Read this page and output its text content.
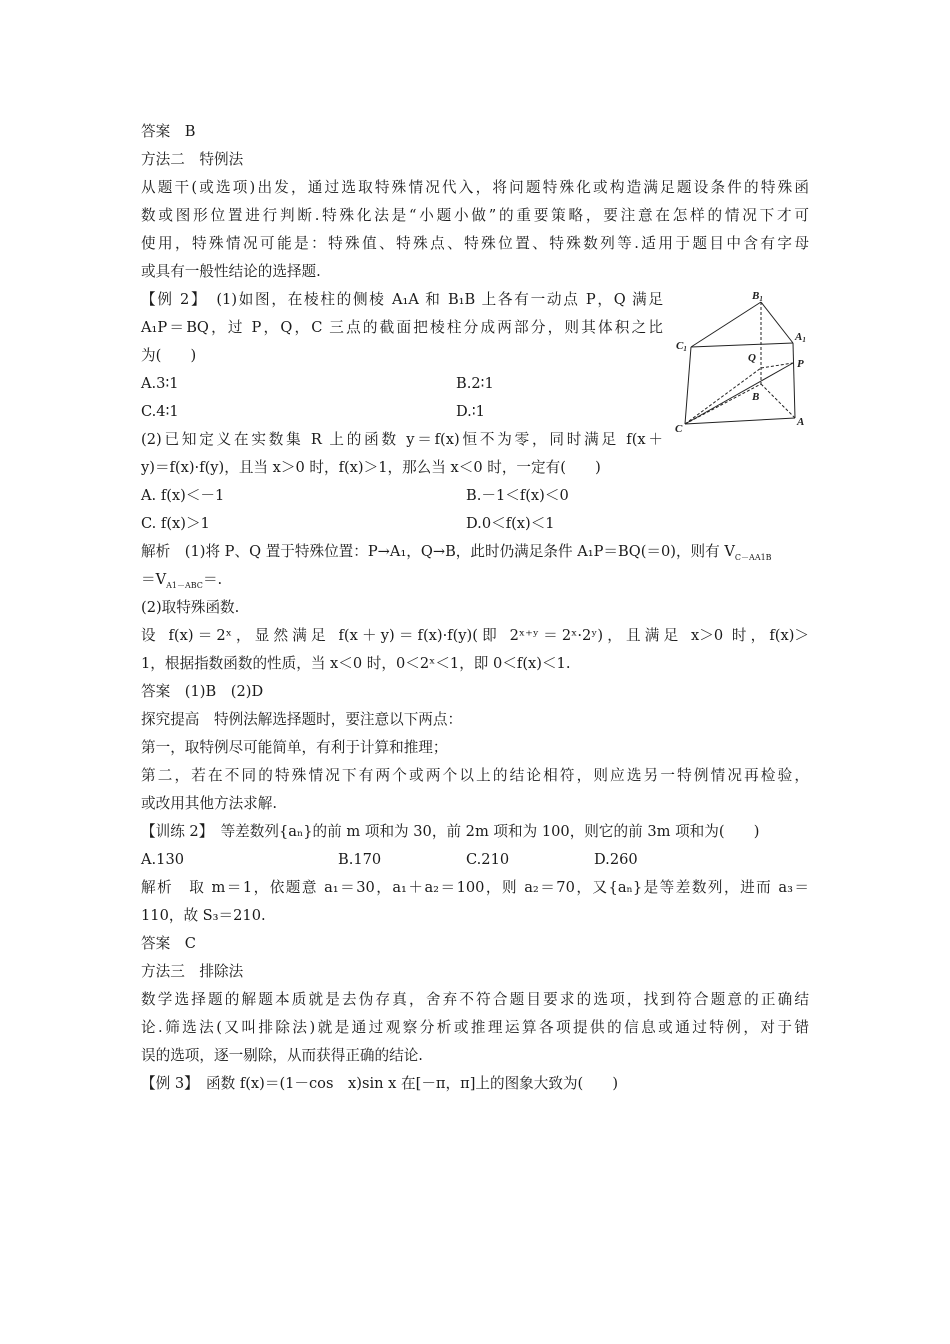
答案　B
方法二　特例法
从题干(或选项)出发，通过选取特殊情况代入，将问题特殊化或构造满足题设条件的特殊函
数或图形位置进行判断.特殊化法是“小题小做”的重要策略，要注意在怎样的情况下才可
使用，特殊情况可能是：特殊值、特殊点、特殊位置、特殊数列等.适用于题目中含有字母
或具有一般性结论的选择题.
【例 2】　(1)如图，在棱柱的侧棱 A₁A 和 B₁B 上各有一动点 P，Q 满足
A₁P＝BQ，过 P，Q，C 三点的截面把棱柱分成两部分，则其体积之比
为(　　)
A.3∶1	B.2∶1
C.4∶1	D.∶1
(2)已知定义在实数集 R 上的函数 y＝f(x)恒不为零，同时满足 f(x＋
y)＝f(x)·f(y)，且当 x＞0 时，f(x)＞1，那么当 x＜0 时，一定有(　　)
A. f(x)＜－1	B.－1＜f(x)＜0
C. f(x)＞1	D.0＜f(x)＜1
解析　(1)将 P、Q 置于特殊位置：P→A₁，Q→B，此时仍满足条件 A₁P＝BQ(＝0)，则有 $V_{C-AA1B}$
$=V_{A1-ABC}=$.
(2)取特殊函数.
设 f(x)＝2ˣ，显然满足 f(x＋y)＝f(x)·f(y)(即 2ˣ⁺ʸ＝2ˣ·2ʸ)，且满足 x＞0 时，f(x)＞
1，根据指数函数的性质，当 x＜0 时，0＜2ˣ＜1，即 0＜f(x)＜1.
答案　(1)B　(2)D
探究提高　特例法解选择题时，要注意以下两点：
第一，取特例尽可能简单，有利于计算和推理；
第二，若在不同的特殊情况下有两个或两个以上的结论相符，则应选另一特例情况再检验，
或改用其他方法求解.
【训练 2】　等差数列{aₙ}的前 m 项和为 30，前 2m 项和为 100，则它的前 3m 项和为(　　)
A.130	B.170	C.210	D.260
解析　取 m＝1，依题意 a₁＝30，a₁＋a₂＝100，则 a₂＝70，又{aₙ}是等差数列，进而 a₃＝
110，故 S₃＝210.
答案　C
方法三　排除法
数学选择题的解题本质就是去伪存真，舍弃不符合题目要求的选项，找到符合题意的正确结
论.筛选法(又叫排除法)就是通过观察分析或推理运算各项提供的信息或通过特例，对于错
误的选项，逐一剔除，从而获得正确的结论.
【例 3】　函数 f(x)＝(1－cos　x)sin x 在[－π，π]上的图象大致为(　　)
B1
A1
C1
Q	P
B
A
C
